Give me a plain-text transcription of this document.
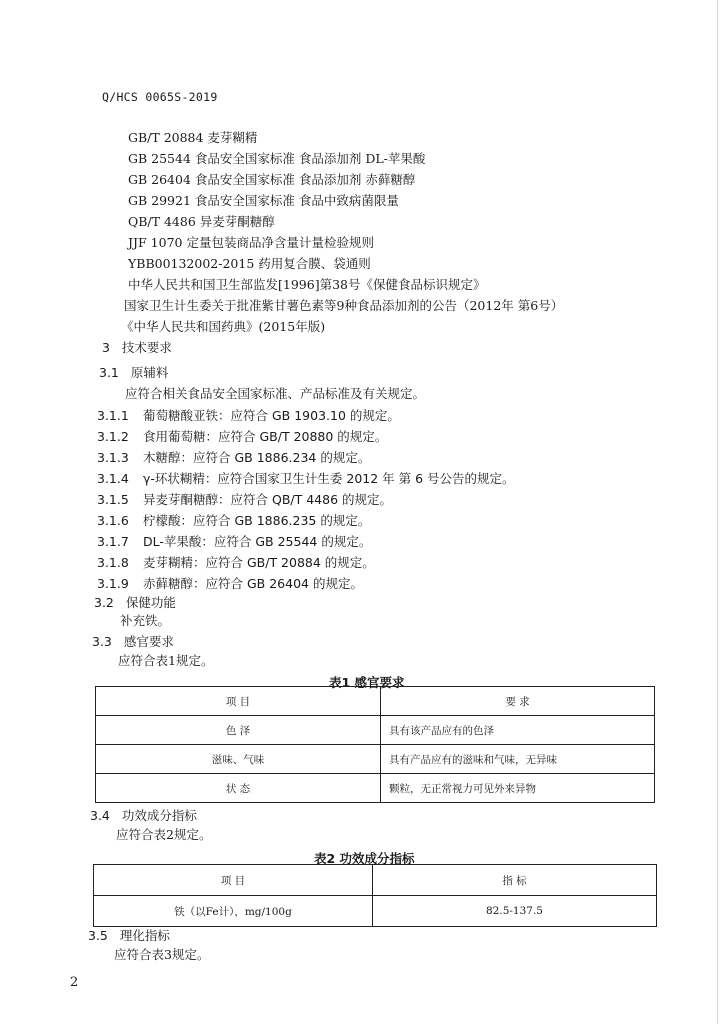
Q/HCS 0065S-2019
GB/T 20884 麦芽糊精
GB 25544 食品安全国家标准 食品添加剂 DL-苹果酸
GB 26404 食品安全国家标准 食品添加剂 赤藓糖醇
GB 29921 食品安全国家标准 食品中致病菌限量
QB/T 4486 异麦芽酮糖醇
JJF 1070 定量包装商品净含量计量检验规则
YBB00132002-2015 药用复合膜、袋通则
中华人民共和国卫生部监发[1996]第38号《保健食品标识规定》
国家卫生计生委关于批准紫甘薯色素等9种食品添加剂的公告（2012年 第6号）
《中华人民共和国药典》(2015年版)
3 技术要求
3.1 原辅料
应符合相关食品安全国家标准、产品标准及有关规定。
3.1.1 葡萄糖酸亚铁：应符合 GB 1903.10 的规定。
3.1.2 食用葡萄糖：应符合 GB/T 20880 的规定。
3.1.3 木糖醇：应符合 GB 1886.234 的规定。
3.1.4 γ-环状糊精：应符合国家卫生计生委 2012 年 第 6 号公告的规定。
3.1.5 异麦芽酮糖醇：应符合 QB/T 4486 的规定。
3.1.6 柠檬酸：应符合 GB 1886.235 的规定。
3.1.7 DL-苹果酸：应符合 GB 25544 的规定。
3.1.8 麦芽糊精：应符合 GB/T 20884 的规定。
3.1.9 赤藓糖醇：应符合 GB 26404 的规定。
3.2 保健功能
补充铁。
3.3 感官要求
应符合表1规定。
表1 感官要求
项 目	要 求
色 泽	具有该产品应有的色泽
滋味、气味	具有产品应有的滋味和气味，无异味
状 态	颗粒，无正常视力可见外来异物
3.4 功效成分指标
应符合表2规定。
表2 功效成分指标
项 目	指 标
铁（以Fe计），mg/100g	82.5-137.5
3.5 理化指标
应符合表3规定。
2
